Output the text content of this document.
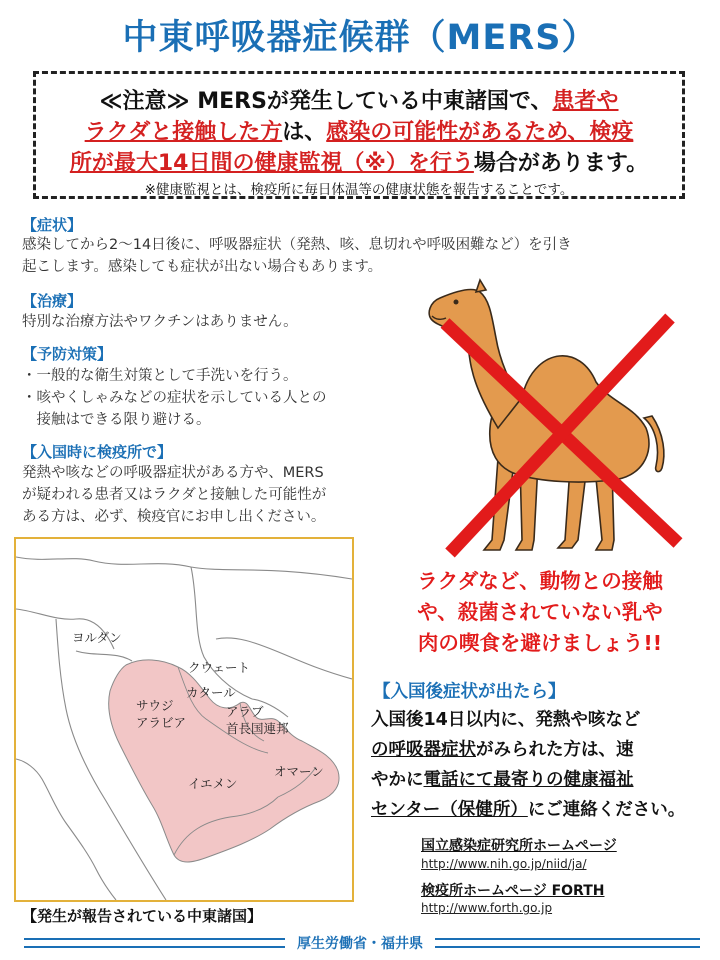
中東呼吸器症候群（MERS）
≪注意≫ MERSが発生している中東諸国で、患者や
ラクダと接触した方は、感染の可能性があるため、検疫
所が最大14日間の健康監視（※）を行う場合があります。
※健康監視とは、検疫所に毎日体温等の健康状態を報告することです。
【症状】
感染してから2～14日後に、呼吸器症状（発熱、咳、息切れや呼吸困難など）を引き
起こします。感染しても症状が出ない場合もあります。
【治療】
特別な治療方法やワクチンはありません。
【予防対策】
・一般的な衛生対策として手洗いを行う。
・咳やくしゃみなどの症状を示している人との
　接触はできる限り避ける。
【入国時に検疫所で】
発熱や咳などの呼吸器症状がある方や、MERS
が疑われる患者又はラクダと接触した可能性が
ある方は、必ず、検疫官にお申し出ください。
ラクダなど、動物との接触
や、殺菌されていない乳や
肉の喫食を避けましょう!!
【入国後症状が出たら】
入国後14日以内に、発熱や咳など
の呼吸器症状がみられた方は、速
やかに電話にて最寄りの健康福祉
センター（保健所）にご連絡ください。
ヨルダン
クウェート
カタール
サウジ
アラビア
アラブ
首長国連邦
イエメン
オマーン
【発生が報告されている中東諸国】
国立感染症研究所ホームページ
http://www.nih.go.jp/niid/ja/
検疫所ホームページ FORTH
http://www.forth.go.jp
厚生労働省・福井県
